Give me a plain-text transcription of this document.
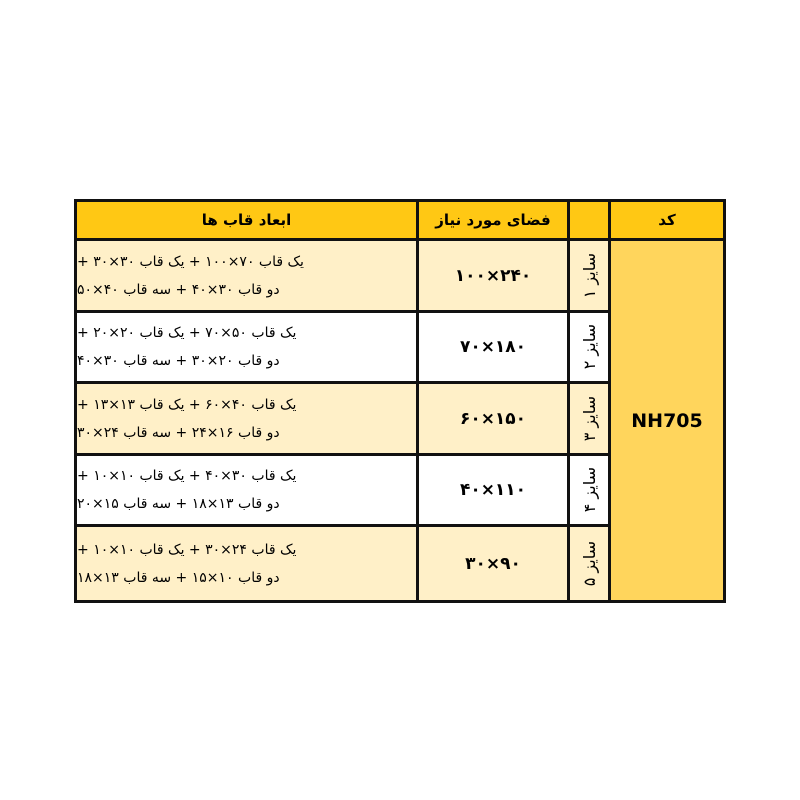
ابعاد قاب ها	فضای مورد نیاز	کد
NH705
یک قاب ۷۰×۱۰۰ + یک قاب ۳۰×۳۰ +
دو قاب ۳۰×۴۰ + سه قاب ۴۰×۵۰
۱۰۰×۲۴۰
سایز ۱
یک قاب ۵۰×۷۰ + یک قاب ۲۰×۲۰ +
دو قاب ۲۰×۳۰ + سه قاب ۳۰×۴۰
۷۰×۱۸۰
سایز ۲
یک قاب ۴۰×۶۰ + یک قاب ۱۳×۱۳ +
دو قاب ۱۶×۲۴ + سه قاب ۲۴×۳۰
۶۰×۱۵۰
سایز ۳
یک قاب ۳۰×۴۰ + یک قاب ۱۰×۱۰ +
دو قاب ۱۳×۱۸ + سه قاب ۱۵×۲۰
۴۰×۱۱۰
سایز ۴
یک قاب ۲۴×۳۰ + یک قاب ۱۰×۱۰ +
دو قاب ۱۰×۱۵ + سه قاب ۱۳×۱۸
۳۰×۹۰
سایز ۵
